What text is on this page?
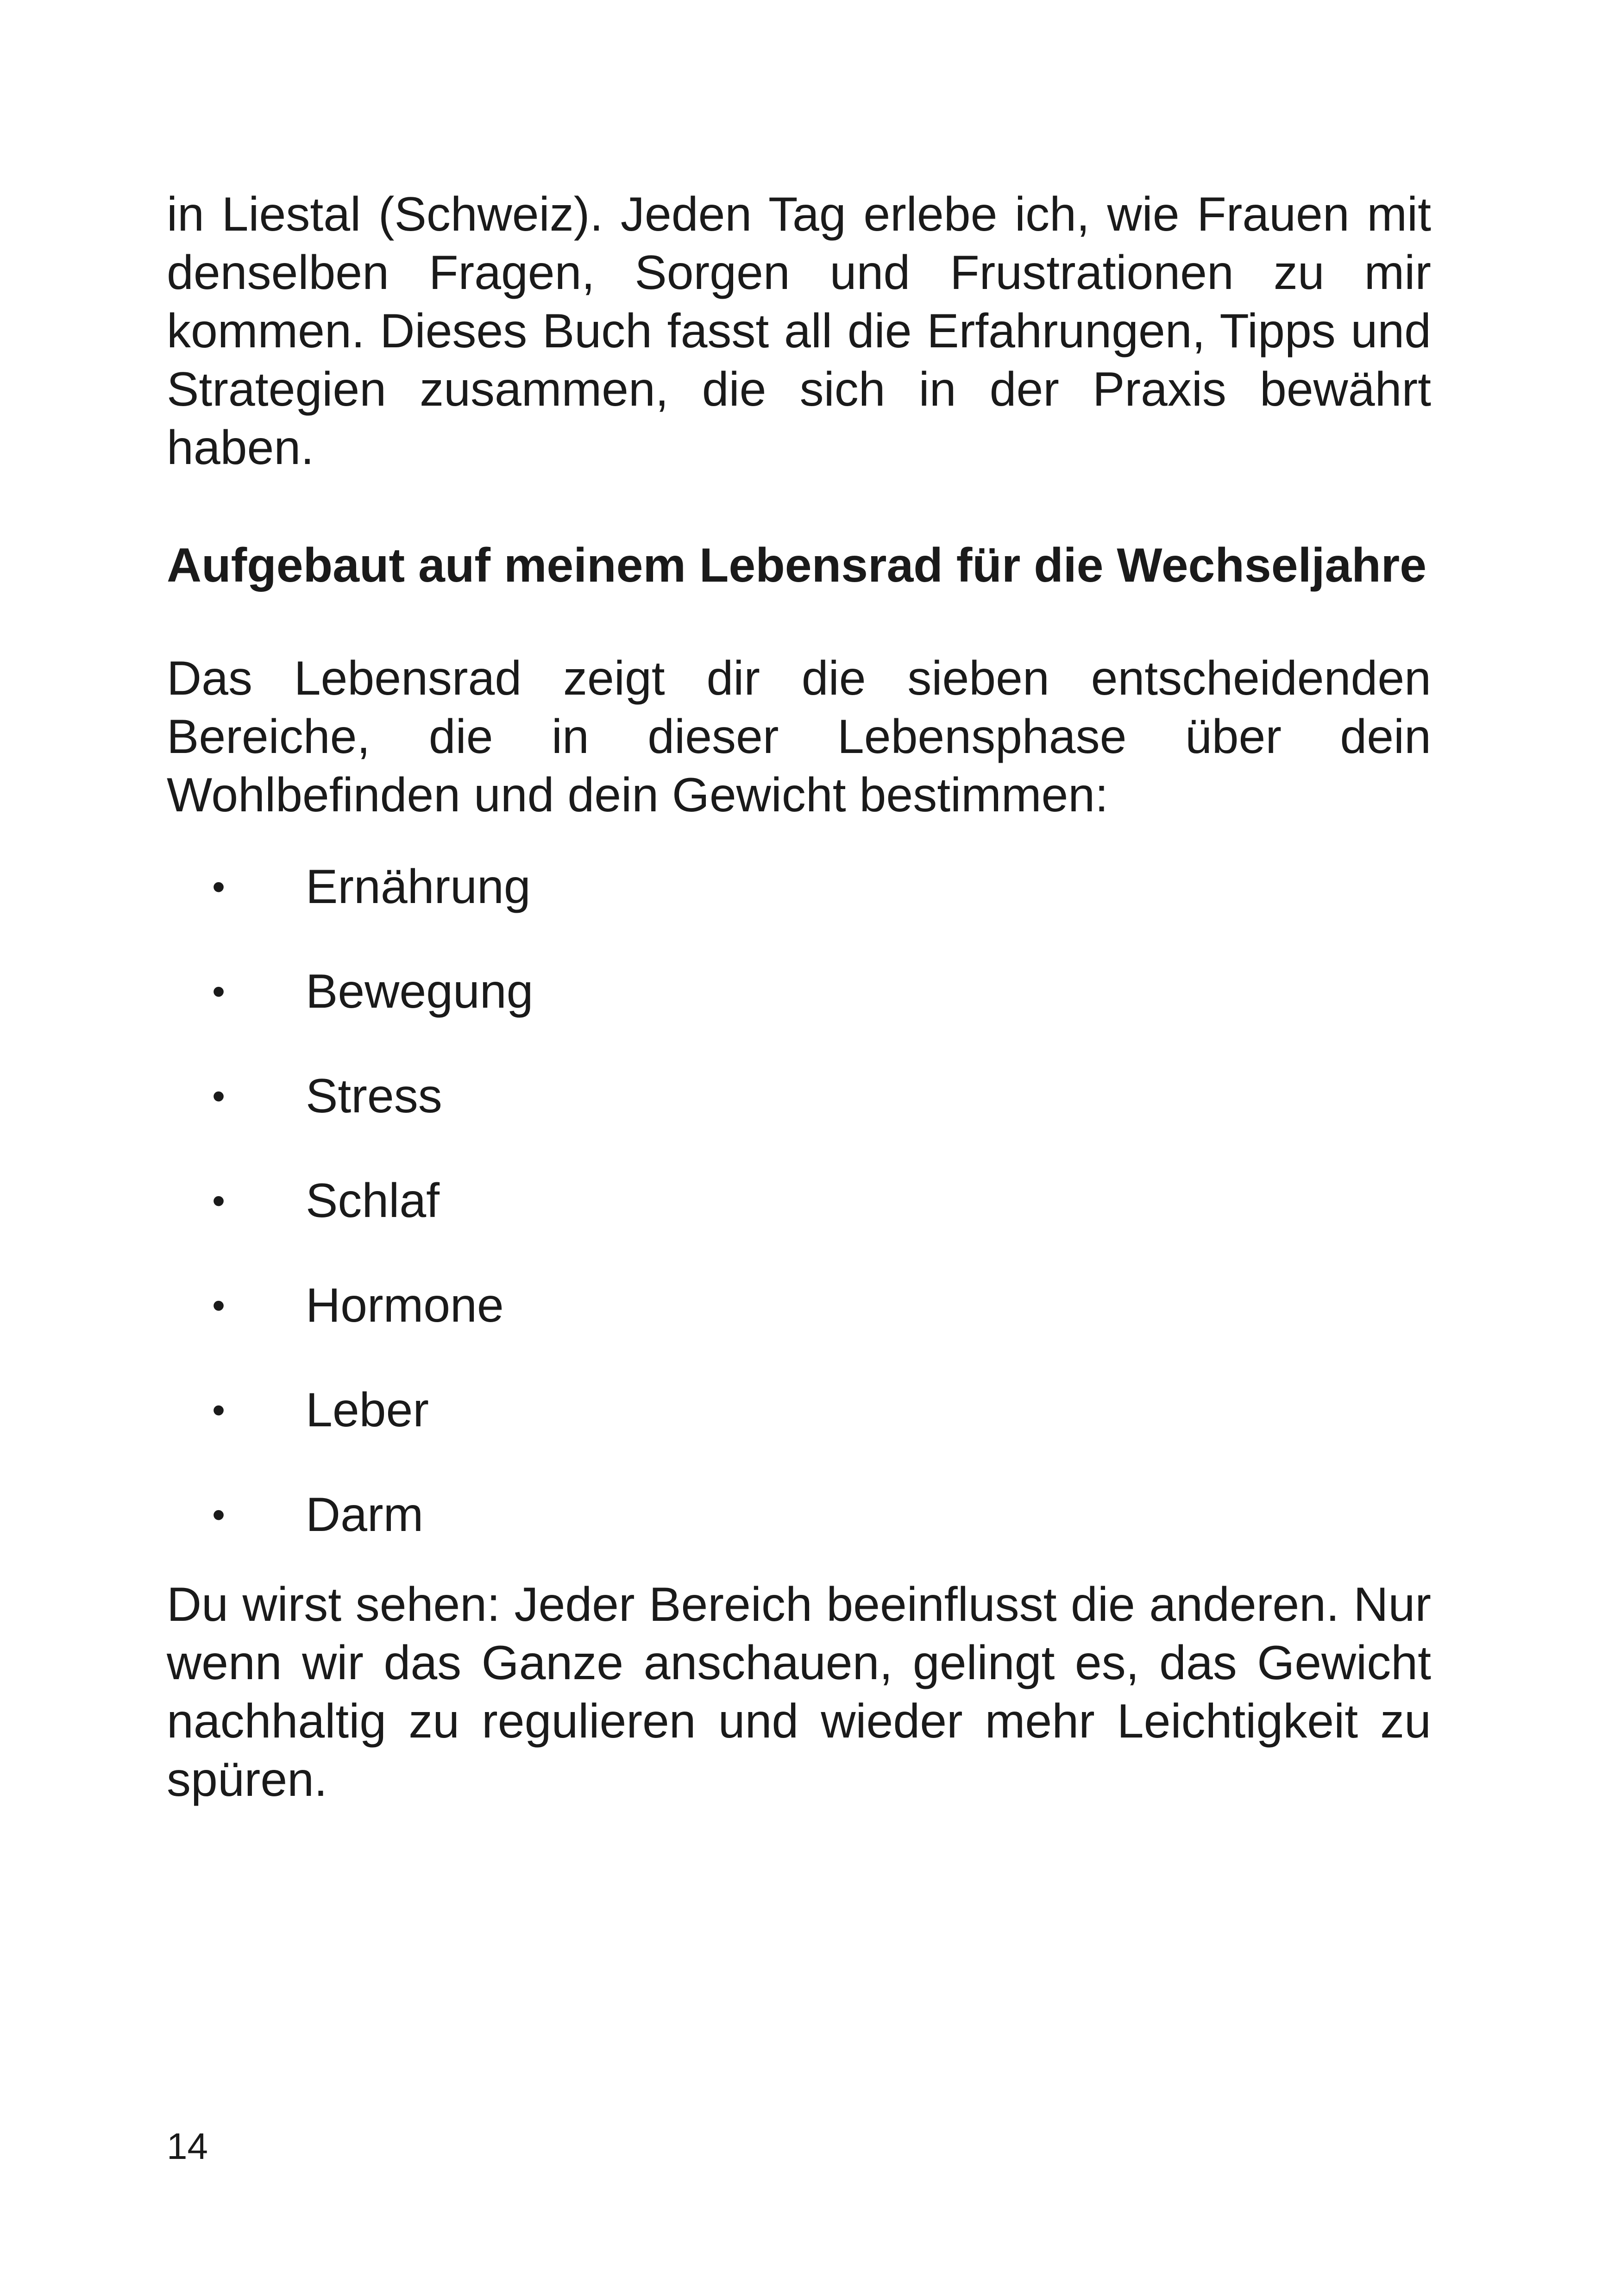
in Liestal (Schweiz). Jeden Tag erlebe ich, wie Frauen mit denselben Fragen, Sorgen und Frustrationen zu mir kommen. Dieses Buch fasst all die Erfahrungen, Tipps und Strategien zusammen, die sich in der Praxis bewährt haben.

Aufgebaut auf meinem Lebensrad für die Wechseljahre

Das Lebensrad zeigt dir die sieben entscheidenden Bereiche, die in dieser Lebensphase über dein Wohlbefinden und dein Gewicht bestimmen:

•	Ernährung
•	Bewegung
•	Stress
•	Schlaf
•	Hormone
•	Leber
•	Darm

Du wirst sehen: Jeder Bereich beeinflusst die anderen. Nur wenn wir das Ganze anschauen, gelingt es, das Gewicht nachhaltig zu regulieren und wieder mehr Leichtigkeit zu spüren.

14
